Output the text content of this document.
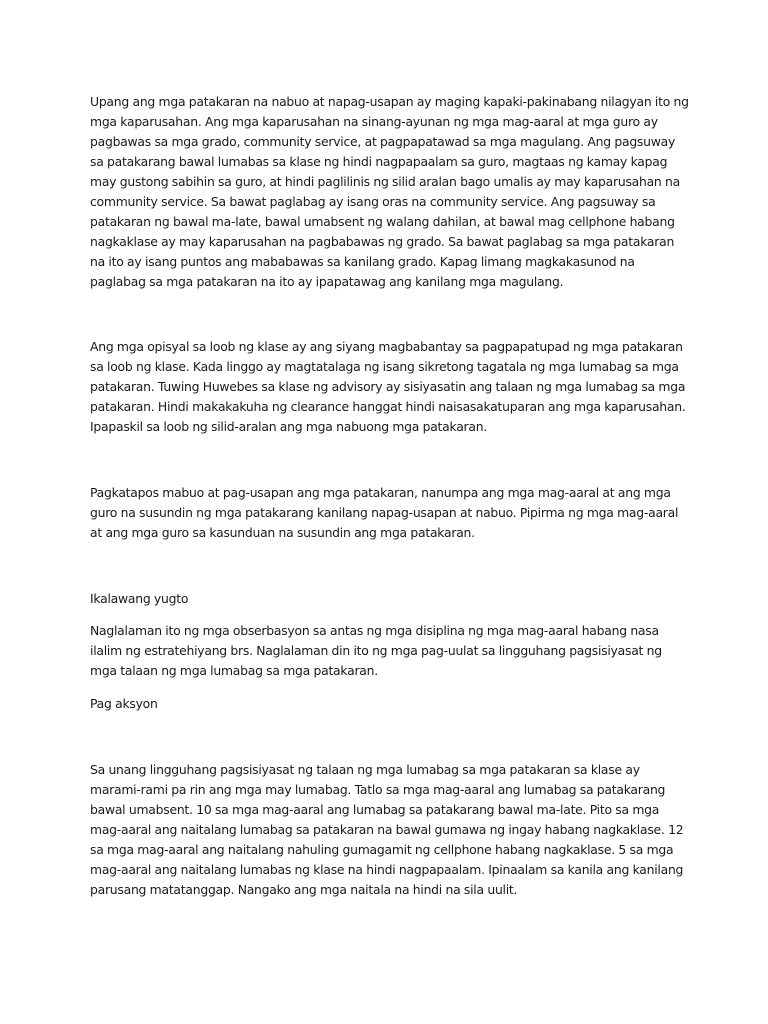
Upang ang mga patakaran na nabuo at napag-usapan ay maging kapaki-pakinabang nilagyan ito ng mga kaparusahan. Ang mga kaparusahan na sinang-ayunan ng mga mag-aaral at mga guro ay pagbawas sa mga grado, community service, at pagpapatawad sa mga magulang. Ang pagsuway sa patakarang bawal lumabas sa klase ng hindi nagpapaalam sa guro, magtaas ng kamay kapag may gustong sabihin sa guro, at hindi paglilinis ng silid aralan bago umalis ay may kaparusahan na community service. Sa bawat paglabag ay isang oras na community service. Ang pagsuway sa patakaran ng bawal ma-late, bawal umabsent ng walang dahilan, at bawal mag cellphone habang nagkaklase ay may kaparusahan na pagbabawas ng grado. Sa bawat paglabag sa mga patakaran na ito ay isang puntos ang mababawas sa kanilang grado. Kapag limang magkakasunod na paglabag sa mga patakaran na ito ay ipapatawag ang kanilang mga magulang.

Ang mga opisyal sa loob ng klase ay ang siyang magbabantay sa pagpapatupad ng mga patakaran sa loob ng klase. Kada linggo ay magtatalaga ng isang sikretong tagatala ng mga lumabag sa mga patakaran. Tuwing Huwebes sa klase ng advisory ay sisiyasatin ang talaan ng mga lumabag sa mga patakaran. Hindi makakakuha ng clearance hanggat hindi naisasakatuparan ang mga kaparusahan. Ipapaskil sa loob ng silid-aralan ang mga nabuong mga patakaran.

Pagkatapos mabuo at pag-usapan ang mga patakaran, nanumpa ang mga mag-aaral at ang mga guro na susundin ng mga patakarang kanilang napag-usapan at nabuo. Pipirma ng mga mag-aaral at ang mga guro sa kasunduan na susundin ang mga patakaran.

Ikalawang yugto

Naglalaman ito ng mga obserbasyon sa antas ng mga disiplina ng mga mag-aaral habang nasa ilalim ng estratehiyang brs. Naglalaman din ito ng mga pag-uulat sa lingguhang pagsisiyasat ng mga talaan ng mga lumabag sa mga patakaran.

Pag aksyon

Sa unang lingguhang pagsisiyasat ng talaan ng mga lumabag sa mga patakaran sa klase ay marami-rami pa rin ang mga may lumabag. Tatlo sa mga mag-aaral ang lumabag sa patakarang bawal umabsent. 10 sa mga mag-aaral ang lumabag sa patakarang bawal ma-late. Pito sa mga mag-aaral ang naitalang lumabag sa patakaran na bawal gumawa ng ingay habang nagkaklase. 12 sa mga mag-aaral ang naitalang nahuling gumagamit ng cellphone habang nagkaklase. 5 sa mga mag-aaral ang naitalang lumabas ng klase na hindi nagpapaalam. Ipinaalam sa kanila ang kanilang parusang matatanggap. Nangako ang mga naitala na hindi na sila uulit.
